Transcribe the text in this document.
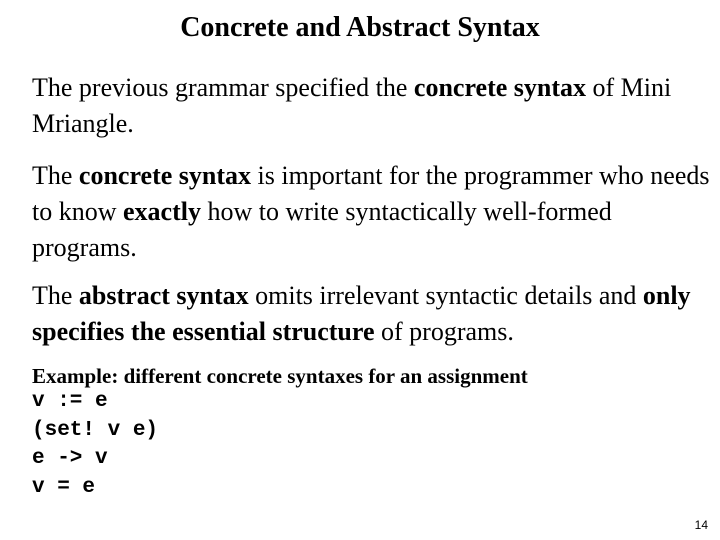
Concrete and Abstract Syntax

The previous grammar specified the concrete syntax of Mini Mriangle.

The concrete syntax is important for the programmer who needs to know exactly how to write syntactically well-formed programs.

The abstract syntax omits irrelevant syntactic details and only specifies the essential structure of programs.

Example: different concrete syntaxes for an assignment

v := e
(set! v e)
e -> v
v = e
14
